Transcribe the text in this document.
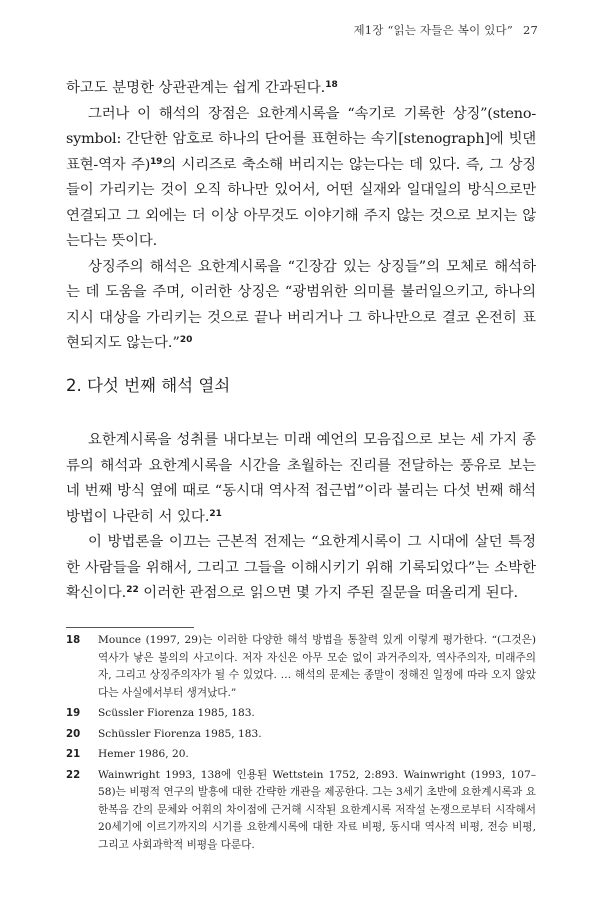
제1장 “읽는 자들은 복이 있다” 27

하고도 분명한 상관관계는 쉽게 간과된다.$^{18}$

그러나 이 해석의 장점은 요한계시록을 “속기로 기록한 상징”(steno-symbol: 간단한 암호로 하나의 단어를 표현하는 속기[stenograph]에 빗댄 표현-역자 주)$^{19}$의 시리즈로 축소해 버리지는 않는다는 데 있다. 즉, 그 상징들이 가리키는 것이 오직 하나만 있어서, 어떤 실재와 일대일의 방식으로만 연결되고 그 외에는 더 이상 아무것도 이야기해 주지 않는 것으로 보지는 않는다는 뜻이다.

상징주의 해석은 요한계시록을 “긴장감 있는 상징들”의 모체로 해석하는 데 도움을 주며, 이러한 상징은 “광범위한 의미를 불러일으키고, 하나의 지시 대상을 가리키는 것으로 끝나 버리거나 그 하나만으로 결코 온전히 표현되지도 않는다.”$^{20}$

2. 다섯 번째 해석 열쇠

요한계시록을 성취를 내다보는 미래 예언의 모음집으로 보는 세 가지 종류의 해석과 요한계시록을 시간을 초월하는 진리를 전달하는 풍유로 보는 네 번째 방식 옆에 때로 “동시대 역사적 접근법”이라 불리는 다섯 번째 해석 방법이 나란히 서 있다.$^{21}$

이 방법론을 이끄는 근본적 전제는 “요한계시록이 그 시대에 살던 특정한 사람들을 위해서, 그리고 그들을 이해시키기 위해 기록되었다”는 소박한 확신이다.$^{22}$ 이러한 관점으로 읽으면 몇 가지 주된 질문을 떠올리게 된다.

18	Mounce (1997, 29)는 이러한 다양한 해석 방법을 통찰력 있게 이렇게 평가한다. “(그것은) 역사가 낳은 불의의 사고이다. 저자 자신은 아무 모순 없이 과거주의자, 역사주의자, 미래주의자, 그리고 상징주의자가 될 수 있었다. … 해석의 문제는 종말이 정해진 일정에 따라 오지 않았다는 사실에서부터 생겨났다.”
19	Scüssler Fiorenza 1985, 183.
20	Schüssler Fiorenza 1985, 183.
21	Hemer 1986, 20.
22	Wainwright 1993, 138에 인용된 Wettstein 1752, 2:893. Wainwright (1993, 107–58)는 비평적 연구의 발흥에 대한 간략한 개관을 제공한다. 그는 3세기 초반에 요한계시록과 요한복음 간의 문체와 어휘의 차이점에 근거해 시작된 요한계시록 저작설 논쟁으로부터 시작해서 20세기에 이르기까지의 시기를 요한계시록에 대한 자료 비평, 동시대 역사적 비평, 전승 비평, 그리고 사회과학적 비평을 다룬다.
